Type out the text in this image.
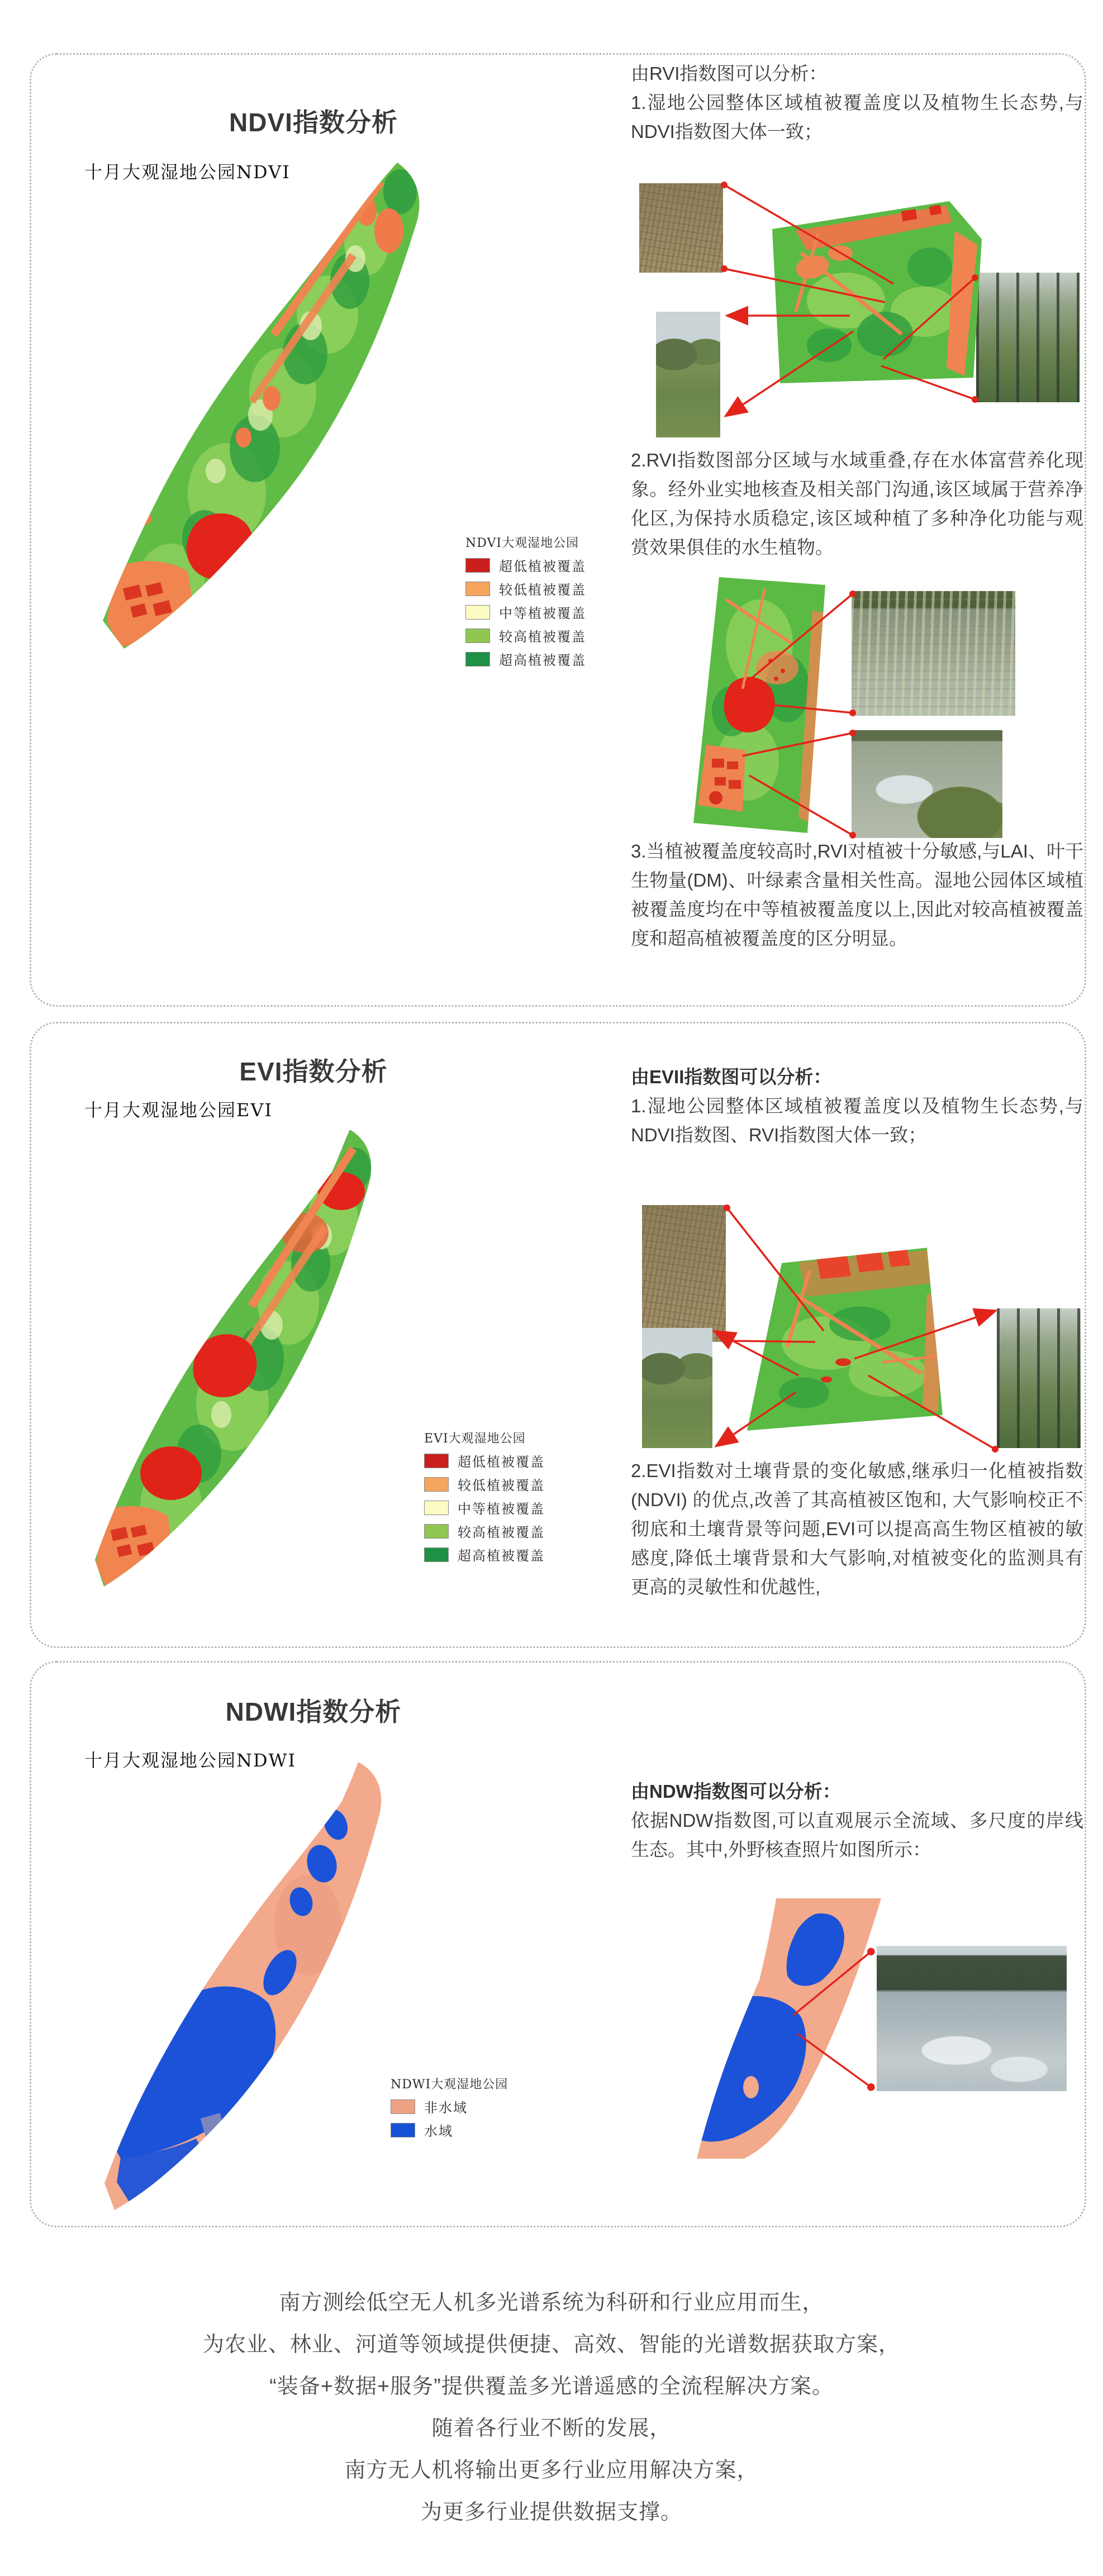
NDVI指数分析
十月大观湿地公园NDVI
NDVI大观湿地公园
超低植被覆盖
较低植被覆盖
中等植被覆盖
较高植被覆盖
超高植被覆盖
由RVI指数图可以分析：
1.湿地公园整体区域植被覆盖度以及植物生长态势,与NDVI指数图大体一致；
2.RVI指数图部分区域与水域重叠,存在水体富营养化现象。经外业实地核查及相关部门沟通,该区域属于营养净化区,为保持水质稳定,该区域种植了多种净化功能与观赏效果俱佳的水生植物。
3.当植被覆盖度较高时,RVI对植被十分敏感,与LAI、叶干生物量(DM)、叶绿素含量相关性高。湿地公园体区域植被覆盖度均在中等植被覆盖度以上,因此对较高植被覆盖度和超高植被覆盖度的区分明显。
EVI指数分析
十月大观湿地公园EVI
EVI大观湿地公园
超低植被覆盖
较低植被覆盖
中等植被覆盖
较高植被覆盖
超高植被覆盖
由EVII指数图可以分析：
1.湿地公园整体区域植被覆盖度以及植物生长态势,与NDVI指数图、RVI指数图大体一致；
2.EVI指数对土壤背景的变化敏感,继承归一化植被指数(NDVI) 的优点,改善了其高植被区饱和, 大气影响校正不彻底和土壤背景等问题,EVI可以提高高生物区植被的敏感度,降低土壤背景和大气影响,对植被变化的监测具有更高的灵敏性和优越性,
NDWI指数分析
十月大观湿地公园NDWI
NDWI大观湿地公园
非水域
水域
由NDW指数图可以分析：
依据NDW指数图,可以直观展示全流域、多尺度的岸线生态。其中,外野核查照片如图所示：

南方测绘低空无人机多光谱系统为科研和行业应用而生，

为农业、林业、河道等领域提供便捷、高效、智能的光谱数据获取方案，

“装备+数据+服务”提供覆盖多光谱遥感的全流程解决方案。

随着各行业不断的发展，

南方无人机将输出更多行业应用解决方案，

为更多行业提供数据支撑。
